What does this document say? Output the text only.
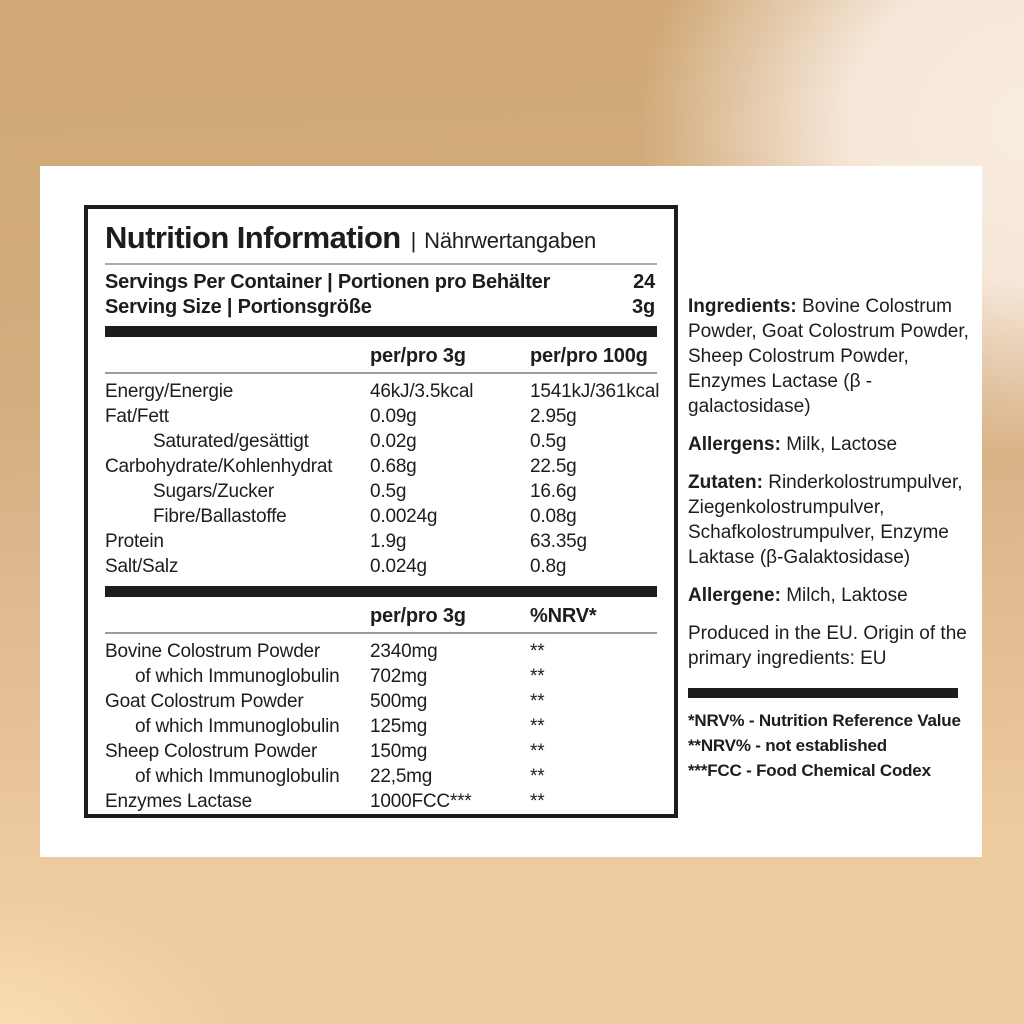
Nutrition Information | Nährwertangaben
Servings Per Container | Portionen pro Behälter	24
Serving Size | Portionsgröße	3g
per/pro 3g	per/pro 100g
Energy/Energie	46kJ/3.5kcal	1541kJ/361kcal
Fat/Fett	0.09g	2.95g
Saturated/gesättigt	0.02g	0.5g
Carbohydrate/Kohlenhydrat	0.68g	22.5g
Sugars/Zucker	0.5g	16.6g
Fibre/Ballastoffe	0.0024g	0.08g
Protein	1.9g	63.35g
Salt/Salz	0.024g	0.8g
per/pro 3g	%NRV*
Bovine Colostrum Powder	2340mg	**
of which Immunoglobulin	702mg	**
Goat Colostrum Powder	500mg	**
of which Immunoglobulin	125mg	**
Sheep Colostrum Powder	150mg	**
of which Immunoglobulin	22,5mg	**
Enzymes Lactase	1000FCC***	**

Ingredients: Bovine Colostrum Powder, Goat Colostrum Powder, Sheep Colostrum Powder, Enzymes Lactase (β - galactosidase)

Allergens: Milk, Lactose

Zutaten: Rinderkolostrumpulver, Ziegenkolostrumpulver, Schafkolostrumpulver, Enzyme Laktase (β-Galaktosidase)

Allergene: Milch, Laktose

Produced in the EU. Origin of the primary ingredients: EU

*NRV% - Nutrition Reference Value
**NRV% - not established
***FCC - Food Chemical Codex
